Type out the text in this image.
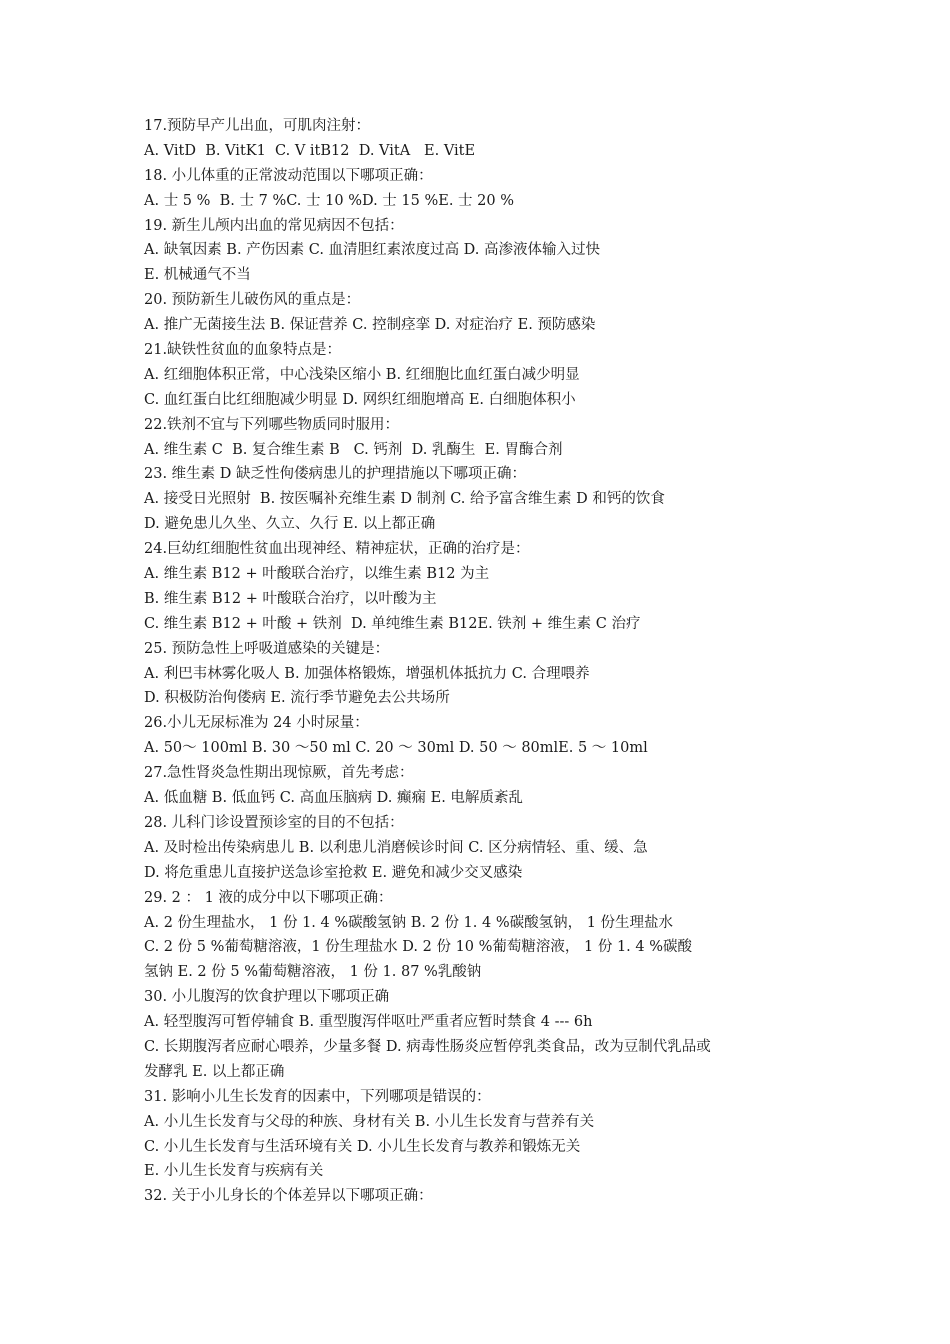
17.预防早产儿出血，可肌肉注射：
A. VitD  B. VitK1  C. V itB12  D. VitA   E. VitE
18. 小儿体重的正常波动范围以下哪项正确：
A. 士 5 %  B. 士 7 %C. 士 10 %D. 士 15 %E. 士 20 %
19. 新生儿颅内出血的常见病因不包括：
A. 缺氧因素 B. 产伤因素 C. 血清胆红素浓度过高 D. 高渗液体输入过快
E. 机械通气不当
20. 预防新生儿破伤风的重点是：
A. 推广无菌接生法 B. 保证营养 C. 控制痉挛 D. 对症治疗 E. 预防感染
21.缺铁性贫血的血象特点是：
A. 红细胞体积正常，中心浅染区缩小 B. 红细胞比血红蛋白减少明显
C. 血红蛋白比红细胞减少明显 D. 网织红细胞增高 E. 白细胞体积小
22.铁剂不宜与下列哪些物质同时服用：
A. 维生素 C  B. 复合维生素 B   C. 钙剂  D. 乳酶生  E. 胃酶合剂
23. 维生素 D 缺乏性佝偻病患儿的护理措施以下哪项正确：
A. 接受日光照射  B. 按医嘱补充维生素 D 制剂 C. 给予富含维生素 D 和钙的饮食
D. 避免患儿久坐、久立、久行 E. 以上都正确
24.巨幼红细胞性贫血出现神经、精神症状，正确的治疗是：
A. 维生素 B12 + 叶酸联合治疗，以维生素 B12 为主
B. 维生素 B12 + 叶酸联合治疗，以叶酸为主
C. 维生素 B12 + 叶酸 + 铁剂  D. 单纯维生素 B12E. 铁剂 + 维生素 C 治疗
25. 预防急性上呼吸道感染的关键是：
A. 利巴韦林雾化吸人 B. 加强体格锻炼，增强机体抵抗力 C. 合理喂养
D. 积极防治佝偻病 E. 流行季节避免去公共场所
26.小儿无尿标准为 24 小时尿量：
A. 50～ 100ml B. 30 ～50 ml C. 20 ～ 30ml D. 50 ～ 80mlE. 5 ～ 10ml
27.急性肾炎急性期出现惊厥，首先考虑：
A. 低血糖 B. 低血钙 C. 高血压脑病 D. 癫痫 E. 电解质紊乱
28. 儿科门诊设置预诊室的目的不包括：
A. 及时检出传染病患儿 B. 以利患儿消磨候诊时间 C. 区分病情轻、重、缓、急
D. 将危重患儿直接护送急诊室抢救 E. 避免和减少交叉感染
29. 2 ： 1 液的成分中以下哪项正确：
A. 2 份生理盐水， 1 份 1. 4 %碳酸氢钠 B. 2 份 1. 4 %碳酸氢钠， 1 份生理盐水
C. 2 份 5 %葡萄糖溶液，1 份生理盐水 D. 2 份 10 %葡萄糖溶液， 1 份 1. 4 %碳酸
氢钠 E. 2 份 5 %葡萄糖溶液， 1 份 1. 87 %乳酸钠
30. 小儿腹泻的饮食护理以下哪项正确
A. 轻型腹泻可暂停辅食 B. 重型腹泻伴呕吐严重者应暂时禁食 4 --- 6h
C. 长期腹泻者应耐心喂养，少量多餐 D. 病毒性肠炎应暂停乳类食品，改为豆制代乳品或
发酵乳 E. 以上都正确
31. 影响小儿生长发育的因素中，下列哪项是错误的：
A. 小儿生长发育与父母的种族、身材有关 B. 小儿生长发育与营养有关
C. 小儿生长发育与生活环境有关 D. 小儿生长发育与教养和锻炼无关
E. 小儿生长发育与疾病有关
32. 关于小儿身长的个体差异以下哪项正确：
